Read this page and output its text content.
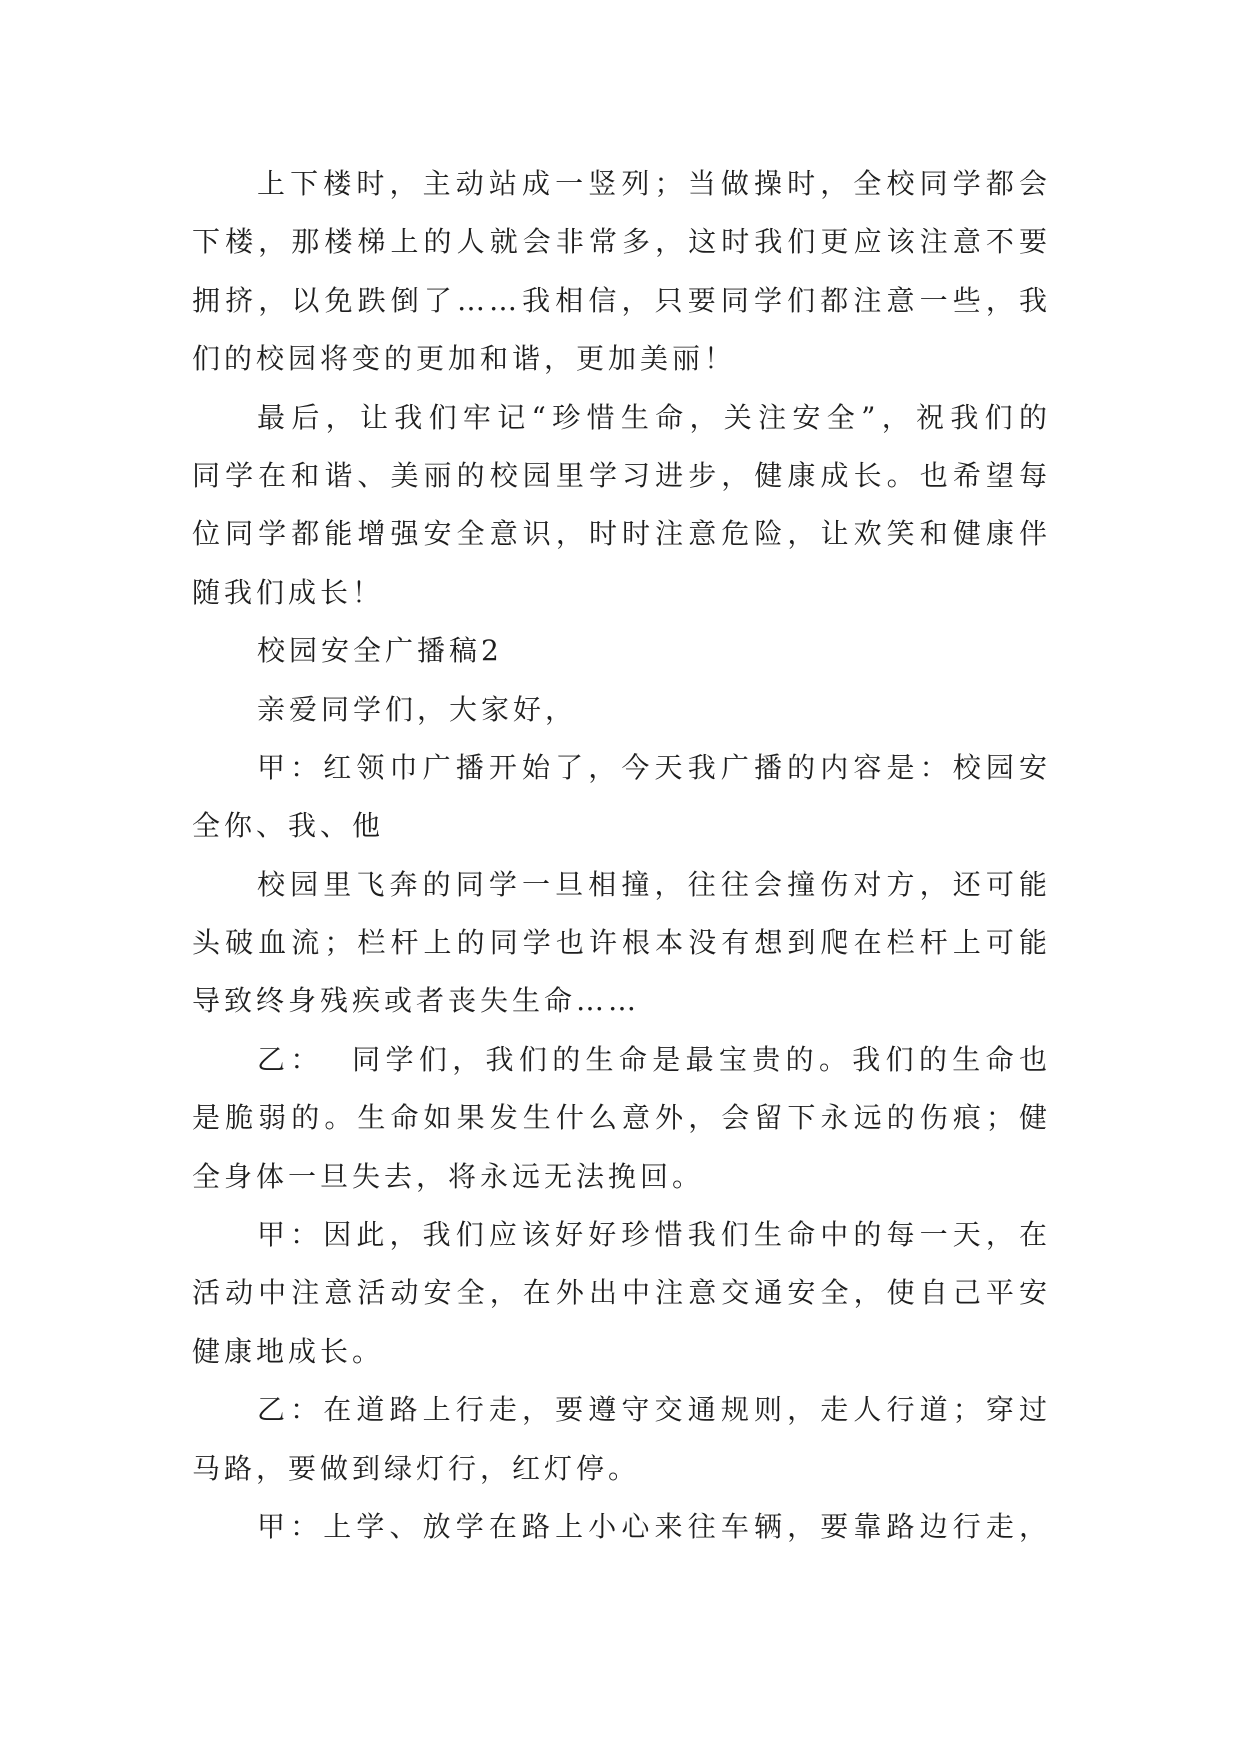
上下楼时，主动站成一竖列；当做操时，全校同学都会
下楼，那楼梯上的人就会非常多，这时我们更应该注意不要
拥挤，以免跌倒了……我相信，只要同学们都注意一些，我
们的校园将变的更加和谐，更加美丽！
最后，让我们牢记“珍惜生命，关注安全”，祝我们的
同学在和谐、美丽的校园里学习进步，健康成长。也希望每
位同学都能增强安全意识，时时注意危险，让欢笑和健康伴
随我们成长！
校园安全广播稿2
亲爱同学们，大家好，
甲：红领巾广播开始了，今天我广播的内容是：校园安
全你、我、他
校园里飞奔的同学一旦相撞，往往会撞伤对方，还可能
头破血流；栏杆上的同学也许根本没有想到爬在栏杆上可能
导致终身残疾或者丧失生命……
乙：  同学们，我们的生命是最宝贵的。我们的生命也
是脆弱的。生命如果发生什么意外，会留下永远的伤痕；健
全身体一旦失去，将永远无法挽回。
甲：因此，我们应该好好珍惜我们生命中的每一天，在
活动中注意活动安全，在外出中注意交通安全，使自己平安
健康地成长。
乙：在道路上行走，要遵守交通规则，走人行道；穿过
马路，要做到绿灯行，红灯停。
甲：上学、放学在路上小心来往车辆，要靠路边行走，
